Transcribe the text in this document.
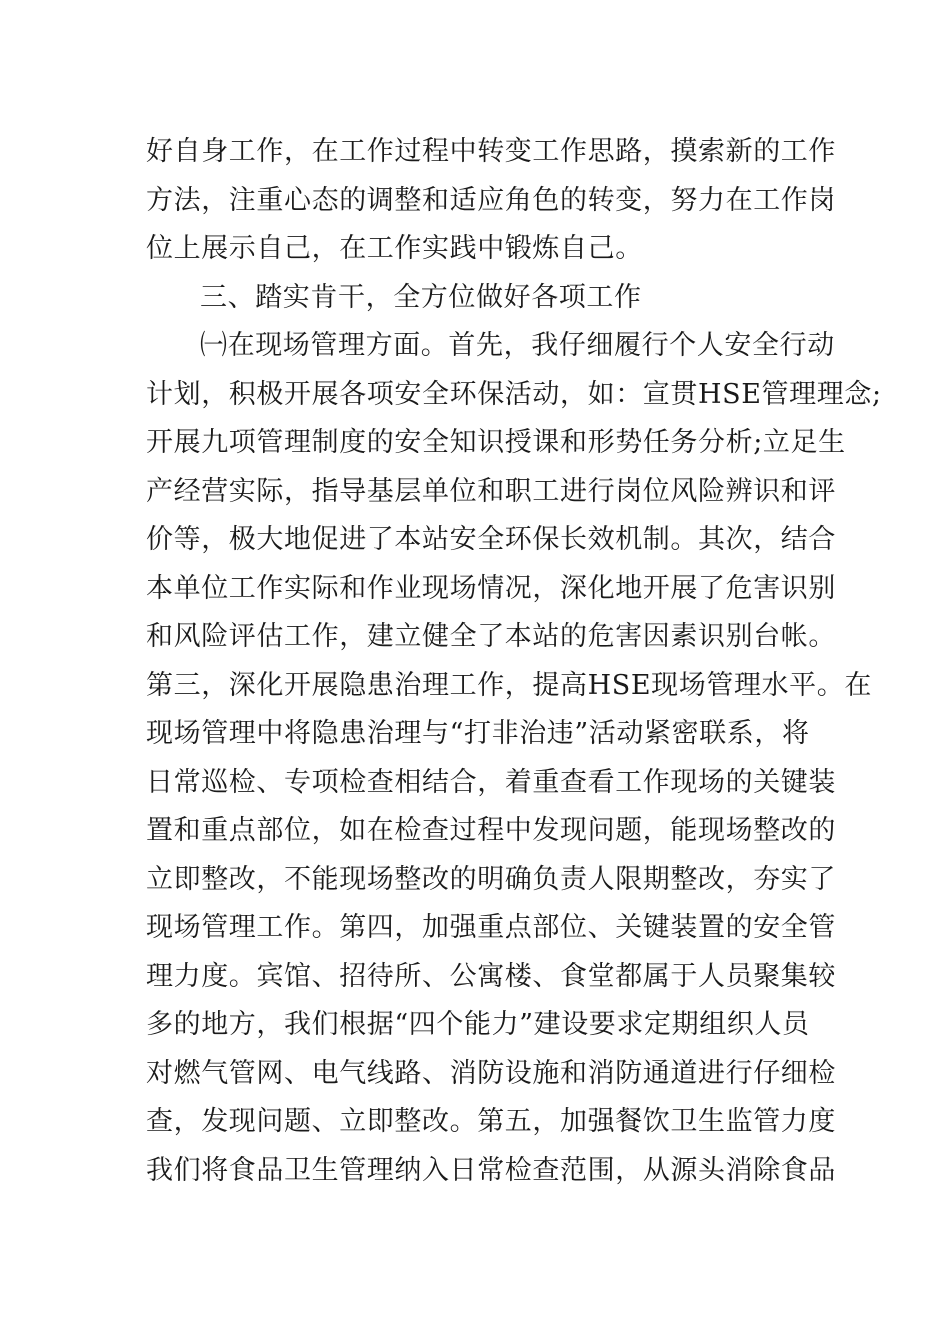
好自身工作，在工作过程中转变工作思路，摸索新的工作
方法，注重心态的调整和适应角色的转变，努力在工作岗
位上展示自己，在工作实践中锻炼自己。
三、踏实肯干，全方位做好各项工作
㈠在现场管理方面。首先，我仔细履行个人安全行动
计划，积极开展各项安全环保活动，如：宣贯HSE管理理念;
开展九项管理制度的安全知识授课和形势任务分析;立足生
产经营实际，指导基层单位和职工进行岗位风险辨识和评
价等，极大地促进了本站安全环保长效机制。其次，结合
本单位工作实际和作业现场情况，深化地开展了危害识别
和风险评估工作，建立健全了本站的危害因素识别台帐。
第三，深化开展隐患治理工作，提高HSE现场管理水平。在
现场管理中将隐患治理与“打非治违”活动紧密联系，将
日常巡检、专项检查相结合，着重查看工作现场的关键装
置和重点部位，如在检查过程中发现问题，能现场整改的
立即整改，不能现场整改的明确负责人限期整改，夯实了
现场管理工作。第四，加强重点部位、关键装置的安全管
理力度。宾馆、招待所、公寓楼、食堂都属于人员聚集较
多的地方，我们根据“四个能力”建设要求定期组织人员
对燃气管网、电气线路、消防设施和消防通道进行仔细检
查，发现问题、立即整改。第五，加强餐饮卫生监管力度
我们将食品卫生管理纳入日常检查范围，从源头消除食品
